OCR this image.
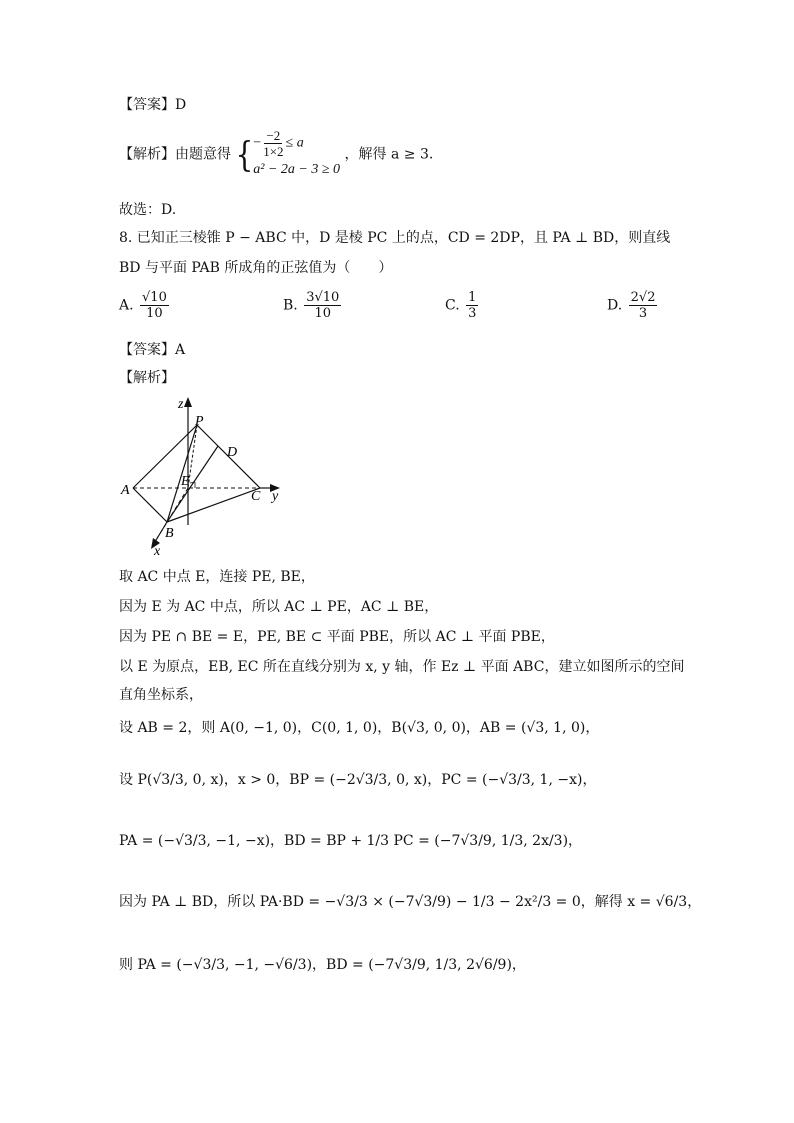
【答案】D
【解析】由题意得 { − $\frac{-2}{1\times 2} \le a$
a² − 2a − 3 ≥ 0
，解得 a ≥ 3.
故选：D.
8. 已知正三棱锥 P − ABC 中，D 是棱 PC 上的点，CD = 2DP，且 PA ⊥ BD，则直线
BD 与平面 PAB 所成角的正弦值为（　　）
A. $\frac{√10}{10}$	B. $\frac{3√10}{10}$	C. $\frac{1}{3}$	D. $\frac{2√2}{3}$
【答案】A
【解析】
z
P
D
A
E
C y
B
x
取 AC 中点 E，连接 PE, BE，
因为 E 为 AC 中点，所以 AC ⊥ PE，AC ⊥ BE，
因为 PE ∩ BE = E，PE, BE ⊂ 平面 PBE，所以 AC ⊥ 平面 PBE，
以 E 为原点，EB, EC 所在直线分别为 x, y 轴，作 Ez ⊥ 平面 ABC，建立如图所示的空间
直角坐标系，
设 AB = 2，则 A(0, −1, 0)，C(0, 1, 0)，B(√3, 0, 0)，AB = (√3, 1, 0)，
设 P(√3/3, 0, x)，x > 0，BP = (−2√3/3, 0, x)，PC = (−√3/3, 1, −x)，
PA = (−√3/3, −1, −x)，BD = BP + 1/3 PC = (−7√3/9, 1/3, 2x/3)，
因为 PA ⊥ BD，所以 PA·BD = −√3/3 × (−7√3/9) − 1/3 − 2x²/3 = 0，解得 x = √6/3，
则 PA = (−√3/3, −1, −√6/3)，BD = (−7√3/9, 1/3, 2√6/9)，
